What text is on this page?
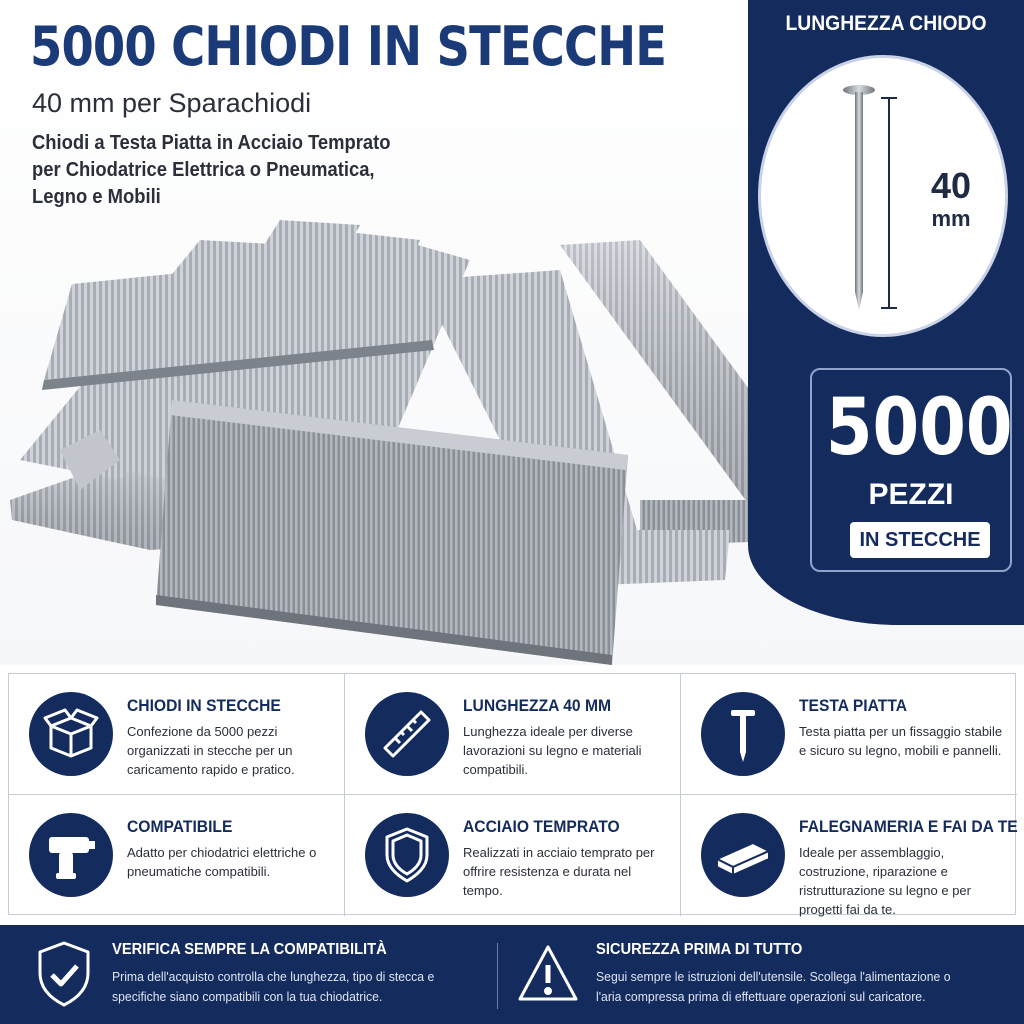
5000 CHIODI IN STECCHE
40 mm per Sparachiodi
Chiodi a Testa Piatta in Acciaio Temprato
per Chiodatrice Elettrica o Pneumatica,
Legno e Mobili
LUNGHEZZA CHIODO
40
mm
5000
PEZZI
IN STECCHE
CHIODI IN STECCHE
Confezione da 5000 pezzi organizzati in stecche per un caricamento rapido e pratico.
LUNGHEZZA 40 MM
Lunghezza ideale per diverse lavorazioni su legno e materiali compatibili.
TESTA PIATTA
Testa piatta per un fissaggio stabile e sicuro su legno, mobili e pannelli.
COMPATIBILE
Adatto per chiodatrici elettriche o pneumatiche compatibili.
ACCIAIO TEMPRATO
Realizzati in acciaio temprato per offrire resistenza e durata nel tempo.
FALEGNAMERIA E FAI DA TE
Ideale per assemblaggio, costruzione, riparazione e ristrutturazione su legno e per progetti fai da te.
VERIFICA SEMPRE LA COMPATIBILITÀ
Prima dell'acquisto controlla che lunghezza, tipo di stecca e specifiche siano compatibili con la tua chiodatrice.
SICUREZZA PRIMA DI TUTTO
Segui sempre le istruzioni dell'utensile. Scollega l'alimentazione o l'aria compressa prima di effettuare operazioni sul caricatore.
